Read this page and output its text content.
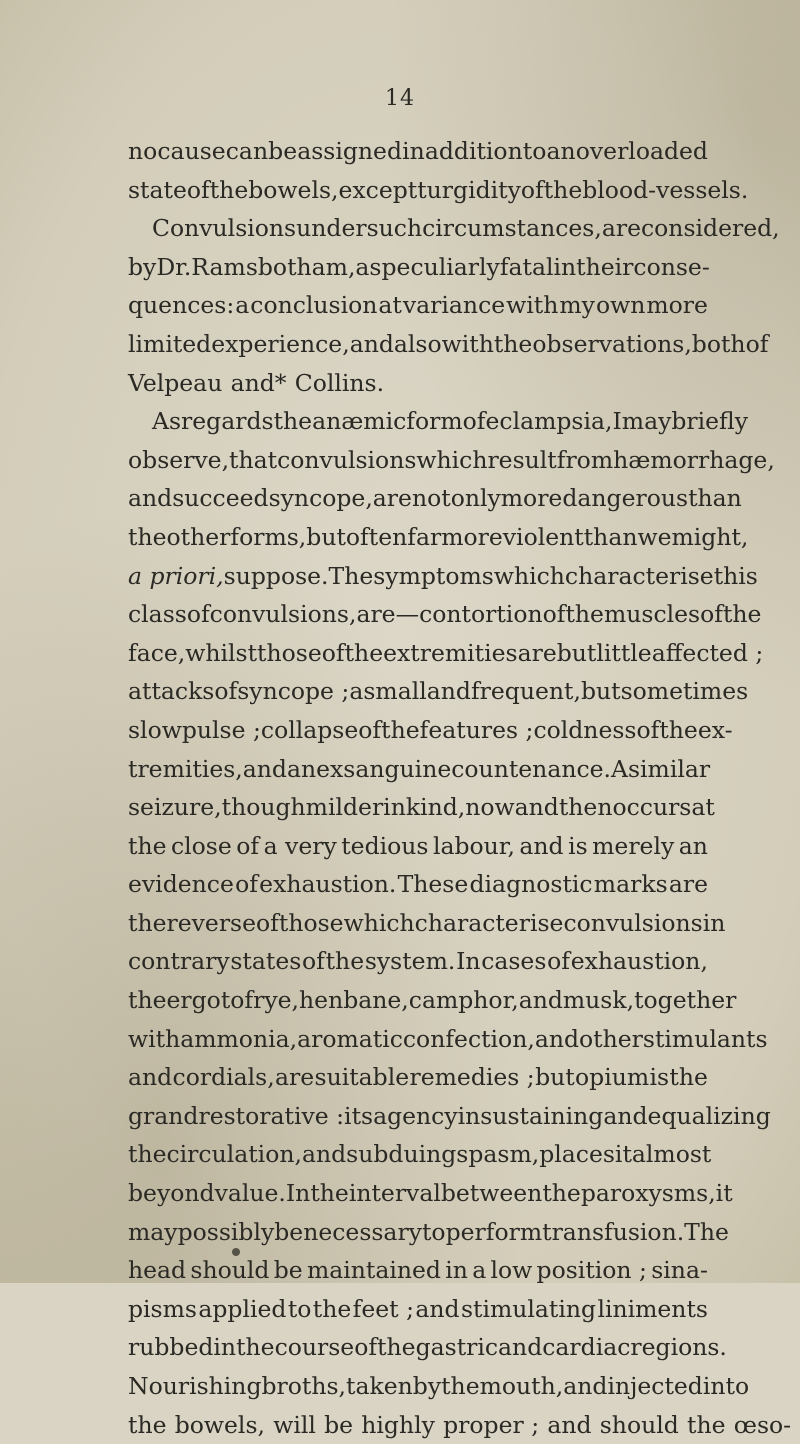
14
no cause can be assigned in addition to an overloaded
state of the bowels, except turgidity of the blood-vessels.
Convulsions under such circumstances, are considered,
by Dr. Ramsbotham, as peculiarly fatal in their conse-
quences: a conclusion at variance with my own more
limited experience, and also with the observations, both of
Velpeau and* Collins.
As regards the anæmic form of eclampsia, I may briefly
observe, that convulsions which result from hæmorrhage,
and succeed syncope, are not only more dangerous than
the other forms, but often far more violent than we might,
a priori, suppose. The symptoms which characterise this
class of convulsions, are—contortion of the muscles of the
face, whilst those of the extremities are but little affected ;
attacks of syncope ; a small and frequent, but sometimes
slow pulse ; collapse of the features ; coldness of the ex-
tremities, and an exsanguine countenance. A similar
seizure, though milder in kind, now and then occurs at
the close of a very tedious labour, and is merely an
evidence of exhaustion. These diagnostic marks are
the reverse of those which characterise convulsions in
contrary states of the system. In cases of exhaustion,
the ergot of rye, henbane, camphor, and musk, together
with ammonia, aromatic confection, and other stimulants
and cordials, are suitable remedies ; but opium is the
grand restorative : its agency in sustaining and equalizing
the circulation, and subduing spasm, places it almost
beyond value. In the interval between the paroxysms, it
may possibly be necessary to perform transfusion. The
head should be maintained in a low position ; sina-
pisms applied to the feet ; and stimulating liniments
rubbed in the course of the gastric and cardiac regions.
Nourishing broths, taken by the mouth, and injected into
the bowels, will be highly proper ; and should the œso-
